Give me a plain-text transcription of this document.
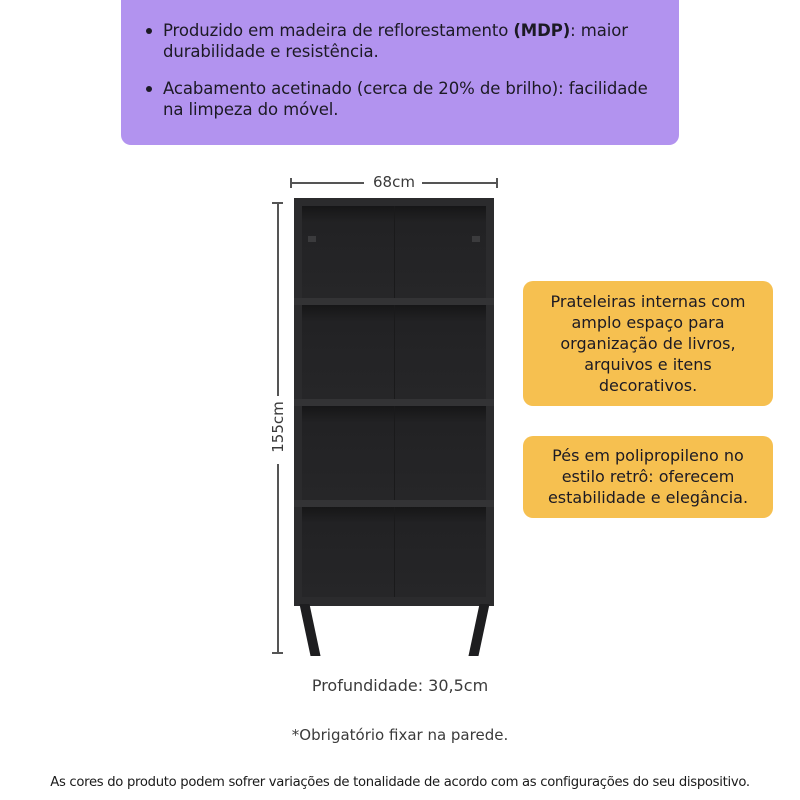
Produzido em madeira de reflorestamento (MDP): maior durabilidade e resistência.
Acabamento acetinado (cerca de 20% de brilho): facilidade na limpeza do móvel.
68cm
155cm
Prateleiras internas com amplo espaço para organização de livros, arquivos e itens decorativos.
Pés em polipropileno no estilo retrô: oferecem estabilidade e elegância.
Profundidade: 30,5cm
*Obrigatório fixar na parede.
As cores do produto podem sofrer variações de tonalidade de acordo com as configurações do seu dispositivo.
